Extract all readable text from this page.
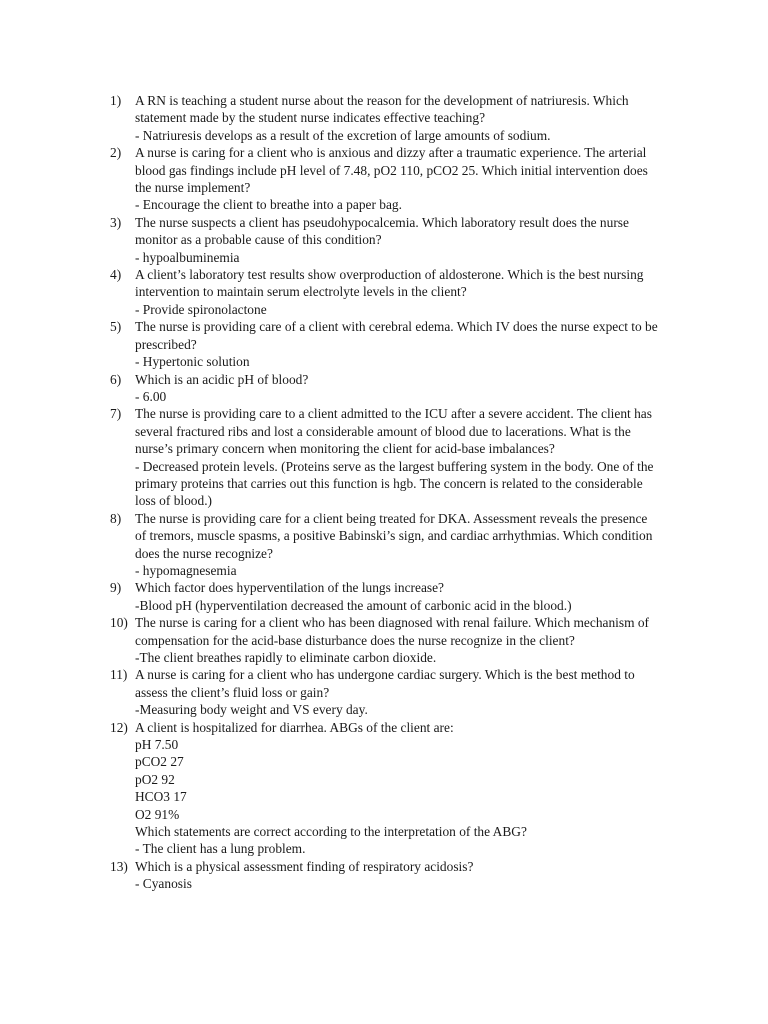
1)	A RN is teaching a student nurse about the reason for the development of natriuresis. Which
statement made by the student nurse indicates effective teaching?
- Natriuresis develops as a result of the excretion of large amounts of sodium.
2)	A nurse is caring for a client who is anxious and dizzy after a traumatic experience. The arterial
blood gas findings include pH level of 7.48, pO2 110, pCO2 25. Which initial intervention does
the nurse implement?
- Encourage the client to breathe into a paper bag.
3)	The nurse suspects a client has pseudohypocalcemia. Which laboratory result does the nurse
monitor as a probable cause of this condition?
- hypoalbuminemia
4)	A client’s laboratory test results show overproduction of aldosterone. Which is the best nursing
intervention to maintain serum electrolyte levels in the client?
- Provide spironolactone
5)	The nurse is providing care of a client with cerebral edema. Which IV does the nurse expect to be
prescribed?
- Hypertonic solution
6)	Which is an acidic pH of blood?
- 6.00
7)	The nurse is providing care to a client admitted to the ICU after a severe accident. The client has
several fractured ribs and lost a considerable amount of blood due to lacerations. What is the
nurse’s primary concern when monitoring the client for acid-base imbalances?
- Decreased protein levels. (Proteins serve as the largest buffering system in the body. One of the
primary proteins that carries out this function is hgb. The concern is related to the considerable
loss of blood.)
8)	The nurse is providing care for a client being treated for DKA. Assessment reveals the presence
of tremors, muscle spasms, a positive Babinski’s sign, and cardiac arrhythmias. Which condition
does the nurse recognize?
- hypomagnesemia
9)	Which factor does hyperventilation of the lungs increase?
-Blood pH (hyperventilation decreased the amount of carbonic acid in the blood.)
10) The nurse is caring for a client who has been diagnosed with renal failure. Which mechanism of
compensation for the acid-base disturbance does the nurse recognize in the client?
-The client breathes rapidly to eliminate carbon dioxide.
11) A nurse is caring for a client who has undergone cardiac surgery. Which is the best method to
assess the client’s fluid loss or gain?
-Measuring body weight and VS every day.
12) A client is hospitalized for diarrhea. ABGs of the client are:
pH 7.50
pCO2 27
pO2 92
HCO3 17
O2 91%
Which statements are correct according to the interpretation of the ABG?
- The client has a lung problem.
13) Which is a physical assessment finding of respiratory acidosis?
- Cyanosis
